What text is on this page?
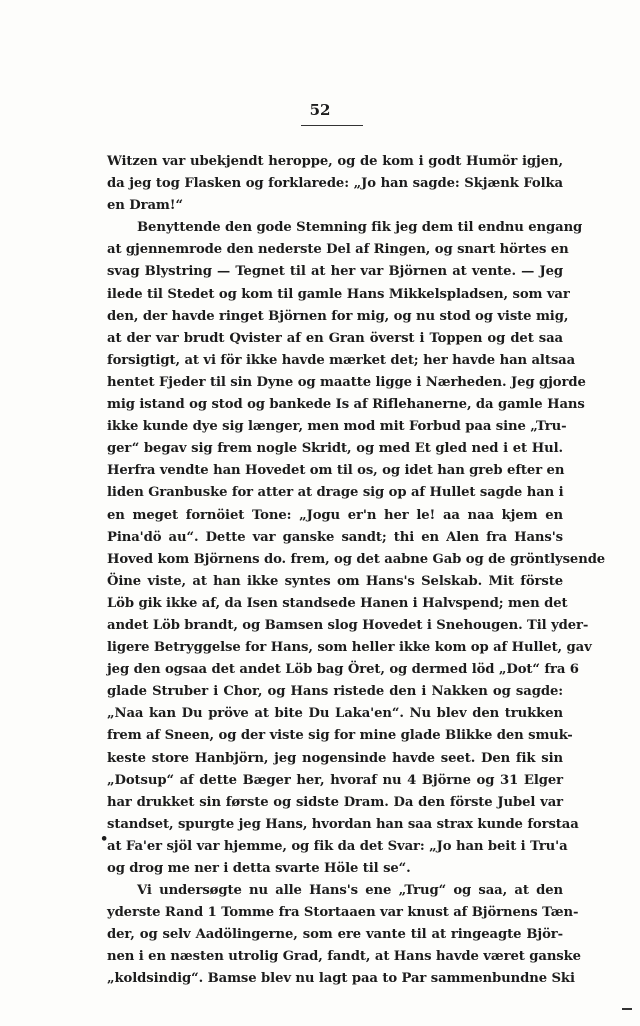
52
Witzen var ubekjendt heroppe, og de kom i godt Humör igjen,
da jeg tog Flasken og forklarede: „Jo han sagde: Skjænk Folka
en Dram!“
Benyttende den gode Stemning fik jeg dem til endnu engang
at gjennemrode den nederste Del af Ringen, og snart hörtes en
svag Blystring — Tegnet til at her var Björnen at vente. — Jeg
ilede til Stedet og kom til gamle Hans Mikkelspladsen, som var
den, der havde ringet Björnen for mig, og nu stod og viste mig,
at der var brudt Qvister af en Gran överst i Toppen og det saa
forsigtigt, at vi för ikke havde mærket det; her havde han altsaa
hentet Fjeder til sin Dyne og maatte ligge i Nærheden. Jeg gjorde
mig istand og stod og bankede Is af Riflehanerne, da gamle Hans
ikke kunde dye sig længer, men mod mit Forbud paa sine „Tru-
ger“ begav sig frem nogle Skridt, og med Et gled ned i et Hul.
Herfra vendte han Hovedet om til os, og idet han greb efter en
liden Granbuske for atter at drage sig op af Hullet sagde han i
en meget fornöiet Tone: „Jogu er'n her le! aa naa kjem en
Pina'dö au“. Dette var ganske sandt; thi en Alen fra Hans's
Hoved kom Björnens do. frem, og det aabne Gab og de gröntlysende
Öine viste, at han ikke syntes om Hans's Selskab. Mit förste
Löb gik ikke af, da Isen standsede Hanen i Halvspend; men det
andet Löb brandt, og Bamsen slog Hovedet i Snehougen. Til yder-
ligere Betryggelse for Hans, som heller ikke kom op af Hullet, gav
jeg den ogsaa det andet Löb bag Öret, og dermed löd „Dot“ fra 6
glade Struber i Chor, og Hans ristede den i Nakken og sagde:
„Naa kan Du pröve at bite Du Laka'en“. Nu blev den trukken
frem af Sneen, og der viste sig for mine glade Blikke den smuk-
keste store Hanbjörn, jeg nogensinde havde seet. Den fik sin
„Dotsup“ af dette Bæger her, hvoraf nu 4 Björne og 31 Elger
har drukket sin første og sidste Dram. Da den förste Jubel var
standset, spurgte jeg Hans, hvordan han saa strax kunde forstaa
at Fa'er sjöl var hjemme, og fik da det Svar: „Jo han beit i Tru'a
og drog me ner i detta svarte Höle til se“.
Vi undersøgte nu alle Hans's ene „Trug“ og saa, at den
yderste Rand 1 Tomme fra Stortaaen var knust af Björnens Tæn-
der, og selv Aadölingerne, som ere vante til at ringeagte Björ-
nen i en næsten utrolig Grad, fandt, at Hans havde været ganske
„koldsindig“. Bamse blev nu lagt paa to Par sammenbundne Ski
•
